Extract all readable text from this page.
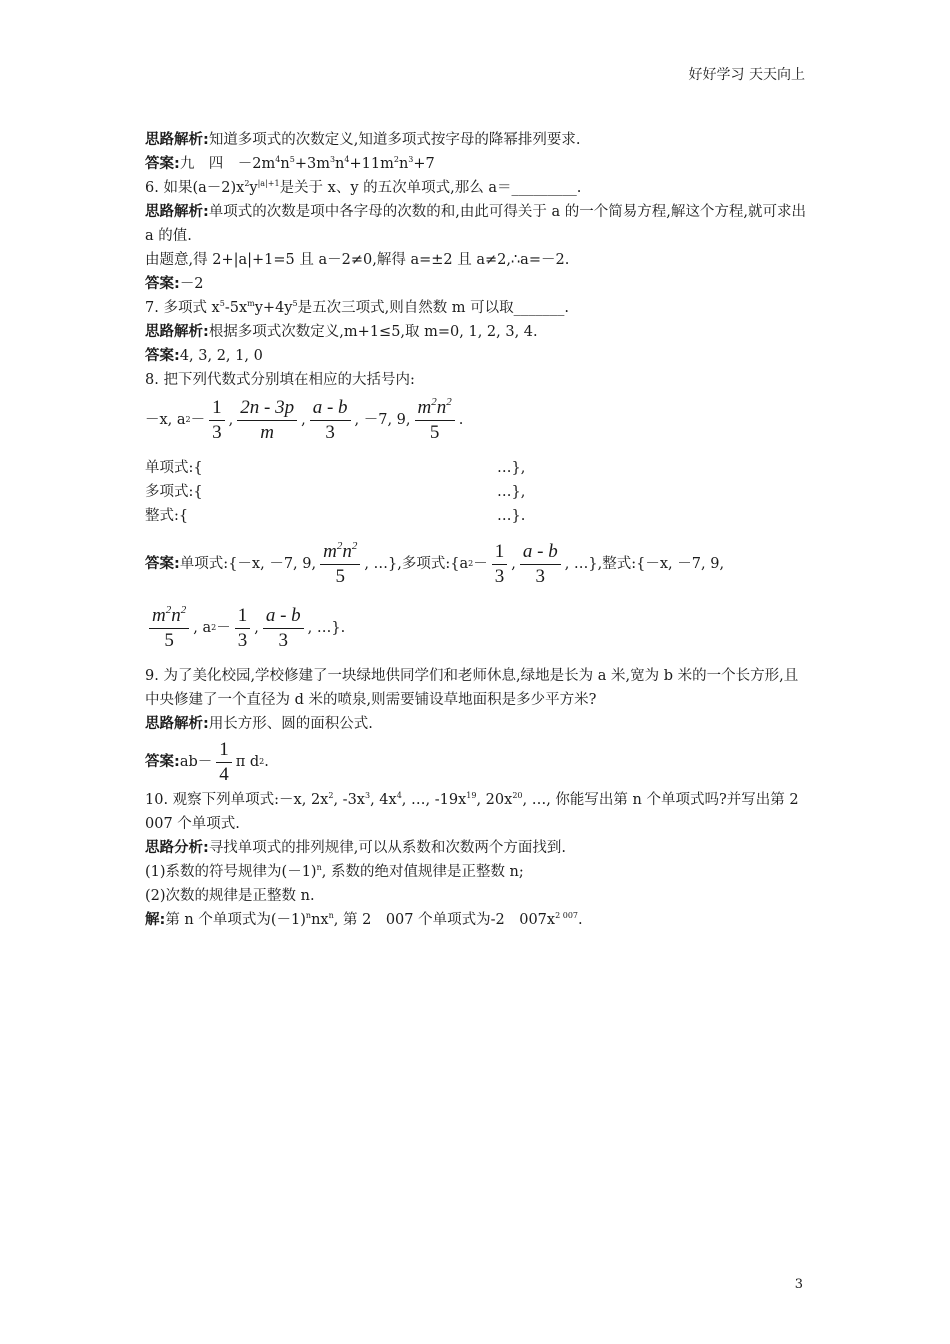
好好学习 天天向上
思路解析:知道多项式的次数定义,知道多项式按字母的降幂排列要求.
答案:九　四　$-2m^4n^5+3m^3n^4+11m^2n^3+7$
6. 如果$(a-2)x^2y^{|a|+1}$是关于 x、y 的五次单项式,那么 a＝_________.
思路解析:单项式的次数是项中各字母的次数的和,由此可得关于 a 的一个简易方程,解这个方程,就可求出 a 的值.
由题意,得 2+|a|+1=5 且 a－2≠0,解得 a=±2 且 a≠2,∴a=－2.
答案:－2
7. 多项式 $x^5-5x^my+4y^5$是五次三项式,则自然数 m 可以取_______.
思路解析:根据多项式次数定义,m+1≤5,取 m=0, 1, 2, 3, 4.
答案:4, 3, 2, 1, 0
8. 把下列代数式分别填在相应的大括号内:
－x, a $2 - \frac{1}{3}$ , $\frac{2n - 3p}{m}$ , $\frac{a - b}{3}$ , －7, 9, $\frac{m^2n^2}{5}$ .
单项式:{	…},
多项式:{	…},
整式:{	…}.
答案: 单项式:{－x, －7, 9, $\frac{m^2n^2}{5}$ , …}, 多项式:{a $2 - \frac{1}{3}$ , $\frac{a - b}{3}$ , …}, 整式:{－x, －7, 9,
$\frac{m^2n^2}{5}$ , a $2 - \frac{1}{3}$ , $\frac{a - b}{3}$ , …}.
9. 为了美化校园,学校修建了一块绿地供同学们和老师休息,绿地是长为 a 米,宽为 b 米的一个长方形,且中央修建了一个直径为 d 米的喷泉,则需要铺设草地面积是多少平方米?
思路解析:用长方形、圆的面积公式.
答案: $ab- \frac{1}{4}$ π d 2 .
10. 观察下列单项式:－x, $2x^2$, $-3x^3$, $4x^4$, …, $-19x^{19}$, $20x^{20}$, …, 你能写出第 n 个单项式吗?并写出第 2 007 个单项式.
思路分析:寻找单项式的排列规律,可以从系数和次数两个方面找到.
(1)系数的符号规律为$(-1)^n$, 系数的绝对值规律是正整数 n;
(2)次数的规律是正整数 n.
解:第 n 个单项式为$(-1)^nnx^n$, 第 2　007 个单项式为-2　$007x^{2 007}$.
3
